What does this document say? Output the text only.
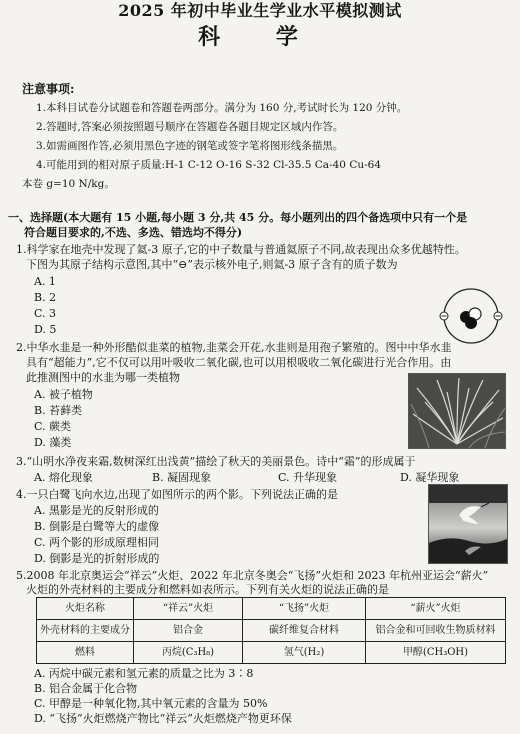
2025 年初中毕业生学业水平模拟测试
科 学
注意事项:
1.本科目试卷分试题卷和答题卷两部分。满分为 160 分,考试时长为 120 分钟。
2.答题时,答案必须按照题号顺序在答题卷各题目规定区域内作答。
3.如需画图作答,必须用黑色字迹的钢笔或签字笔将图形线条描黑。
4.可能用到的相对原子质量:H-1 C-12 O-16 S-32 Cl-35.5 Ca-40 Cu-64
本卷 g=10 N/kg。
一、选择题(本大题有 15 小题,每小题 3 分,共 45 分。每小题列出的四个备选项中只有一个是
符合题目要求的,不选、多选、错选均不得分)
1.科学家在地壳中发现了氦-3 原子,它的中子数量与普通氦原子不同,故表现出众多优越特性。
下图为其原子结构示意图,其中“⊖”表示核外电子,则氦-3 原子含有的质子数为
A. 1
B. 2
C. 3
D. 5
2.中华水韭是一种外形酷似韭菜的植物,韭菜会开花,水韭则是用孢子繁殖的。图中中华水韭
具有“超能力”,它不仅可以用叶吸收二氧化碳,也可以用根吸收二氧化碳进行光合作用。由
此推测图中的水韭为哪一类植物
A. 被子植物
B. 苔藓类
C. 蕨类
D. 藻类
3.“山明水净夜来霜,数树深红出浅黄”描绘了秋天的美丽景色。诗中“霜”的形成属于
A. 熔化现象	B. 凝固现象	C. 升华现象	D. 凝华现象
4.一只白鹭飞向水边,出现了如图所示的两个影。下列说法正确的是
A. 黑影是光的反射形成的
B. 倒影是白鹭等大的虚像
C. 两个影的形成原理相同
D. 倒影是光的折射形成的
5.2008 年北京奥运会“祥云”火炬、2022 年北京冬奥会“飞扬”火炬和 2023 年杭州亚运会“薪火”
火炬的外壳材料的主要成分和燃料如表所示。下列有关火炬的说法正确的是
火炬名称	“祥云”火炬	“飞扬”火炬	“薪火”火炬
外壳材料的主要成分	铝合金	碳纤维复合材料	铝合金和可回收生物质材料
燃料	丙烷(C₃H₈)	氢气(H₂)	甲醇(CH₃OH)
A. 丙烷中碳元素和氢元素的质量之比为 3∶8
B. 铝合金属于化合物
C. 甲醇是一种氧化物,其中氧元素的含量为 50%
D. “飞扬”火炬燃烧产物比“祥云”火炬燃烧产物更环保
